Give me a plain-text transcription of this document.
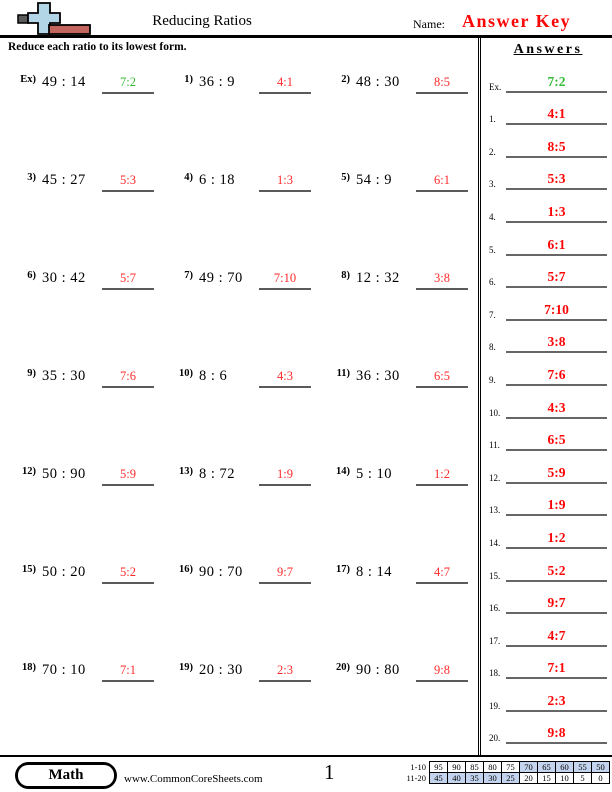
Reducing Ratios	Name: Answer Key
Reduce each ratio to its lowest form.
Ex) 49 : 14	7:2	1) 36 : 9	4:1	2) 48 : 30	8:5
3) 45 : 27	5:3	4) 6 : 18	1:3	5) 54 : 9	6:1
6) 30 : 42	5:7	7) 49 : 70	7:10	8) 12 : 32	3:8
9) 35 : 30	7:6	10) 8 : 6	4:3	11) 36 : 30	6:5
12) 50 : 90	5:9	13) 8 : 72	1:9	14) 5 : 10	1:2
15) 50 : 20	5:2	16) 90 : 70	9:7	17) 8 : 14	4:7
18) 70 : 10	7:1	19) 20 : 30	2:3	20) 90 : 80	9:8
Answers
Ex.	7:2
1.	4:1
2.	8:5
3.	5:3
4.	1:3
5.	6:1
6.	5:7
7.	7:10
8.	3:8
9.	7:6
10.	4:3
11.	6:5
12.	5:9
13.	1:9
14.	1:2
15.	5:2
16.	9:7
17.	4:7
18.	7:1
19.	2:3
20.	9:8
Math	www.CommonCoreSheets.com	1	1-10	95	90	85	80	75	70	65	60	55	50
11-20	45	40	35	30	25	20	15	10	5	0
